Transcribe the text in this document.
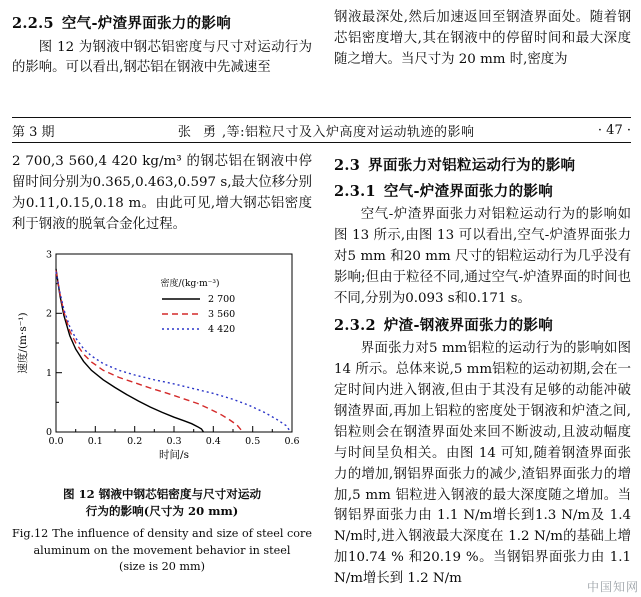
2.2.5 空气-炉渣界面张力的影响

图 12 为钢液中钢芯铝密度与尺寸对运动行为的影响。可以看出,钢芯铝在钢液中先减速至

钢液最深处,然后加速返回至钢渣界面处。随着钢芯铝密度增大,其在钢液中的停留时间和最大深度随之增大。当尺寸为 20 mm 时,密度为

第 3 期	张 勇 ,等:铝粒尺寸及入炉高度对运动轨迹的影响	· 47 ·

2 700,3 560,4 420 kg/m³ 的钢芯铝在钢液中停留时间分别为0.365,0.463,0.597 s,最大位移分别为0.11,0.15,0.18 m。由此可见,增大钢芯铝密度利于钢液的脱氧合金化过程。

0
1
2
3
0.0	0.1	0.2	0.3	0.4	0.5	0.6
时间/s
速度/(m·s⁻¹)
密度/(kg·m⁻³)
2 700
3 560
4 420
图 12 钢液中钢芯铝密度与尺寸对运动
行为的影响(尺寸为 20 mm)
Fig.12 The influence of density and size of steel core
aluminum on the movement behavior in steel
(size is 20 mm)
2.3 界面张力对铝粒运动行为的影响
2.3.1 空气-炉渣界面张力的影响

空气-炉渣界面张力对铝粒运动行为的影响如图 13 所示,由图 13 可以看出,空气-炉渣界面张力对5 mm 和20 mm 尺寸的铝粒运动行为几乎没有影响;但由于粒径不同,通过空气-炉渣界面的时间也不同,分别为0.093 s和0.171 s。

2.3.2 炉渣-钢液界面张力的影响

界面张力对5 mm铝粒的运动行为的影响如图 14 所示。总体来说,5 mm铝粒的运动初期,会在一定时间内进入钢液,但由于其没有足够的动能冲破钢渣界面,再加上铝粒的密度处于钢液和炉渣之间,铝粒则会在钢渣界面处来回不断波动,且波动幅度与时间呈负相关。由图 14 可知,随着钢渣界面张力的增加,钢铝界面张力的减少,渣铝界面张力的增加,5 mm 铝粒进入钢液的最大深度随之增加。当钢铝界面张力由 1.1 N/m增长到1.3 N/m及 1.4 N/m时,进入钢液最大深度在 1.2 N/m的基础上增加10.74 % 和20.19 %。当钢铝界面张力由 1.1 N/m增长到 1.2 N/m

中国知网
